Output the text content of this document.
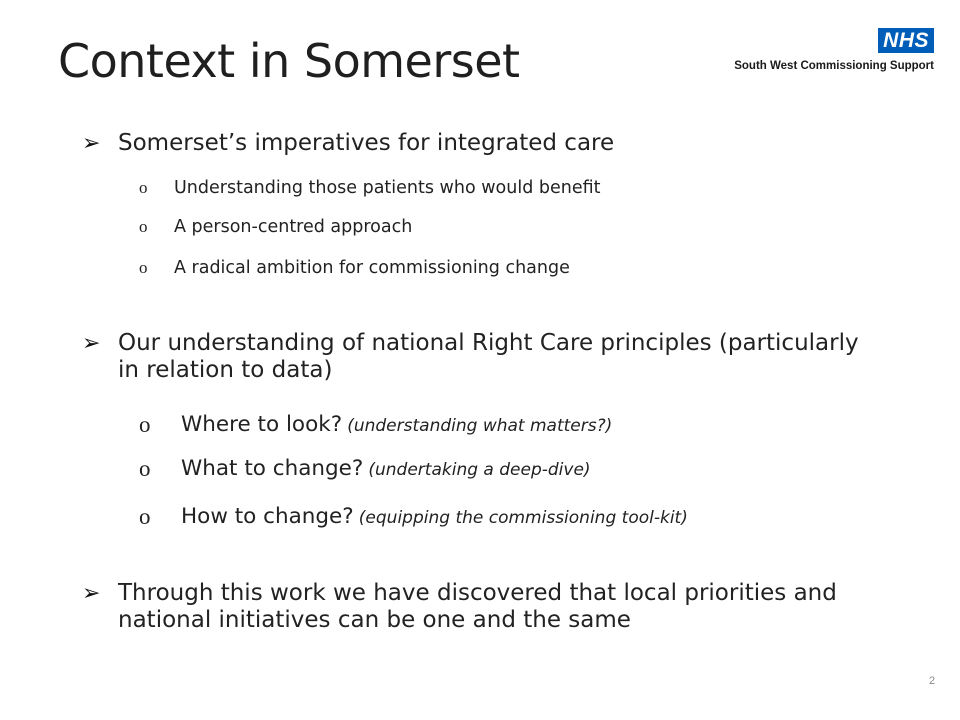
Context in Somerset	NHS
South West Commissioning Support
➢ Somerset’s imperatives for integrated care
o Understanding those patients who would benefit
o A person-centred approach
o A radical ambition for commissioning change
➢ Our understanding of national Right Care principles (particularly in relation to data)
o Where to look? (understanding what matters?)
o What to change? (undertaking a deep-dive)
o How to change? (equipping the commissioning tool-kit)
➢ Through this work we have discovered that local priorities and national initiatives can be one and the same
2
